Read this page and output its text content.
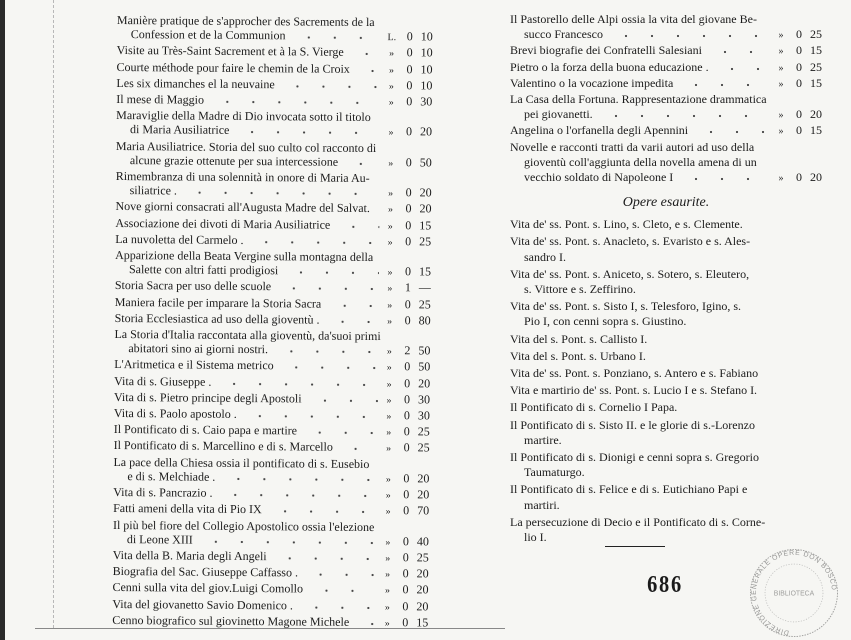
Manière pratique de s'approcher des Sacrements de la
Confession et de la Communion	L. 0 10
Visite au Très-Saint Sacrement et à la S. Vierge	»	0 10
Courte méthode pour faire le chemin de la Croix	»	0 10
Les six dimanches el la neuvaine	»	0 10
Il mese di Maggio	»	0 30
Maraviglie della Madre di Dio invocata sotto il titolo
di Maria Ausiliatrice	»	0 20
Maria Ausiliatrice. Storia del suo culto col racconto di
alcune grazie ottenute per sua intercessione	»	0 50
Rimembranza di una solennità in onore di Maria Au-
siliatrice .	»	0 20
Nove giorni consacrati all'Augusta Madre del Salvat.	»	0 20
Associazione dei divoti di Maria Ausiliatrice	»	0 15
La nuvoletta del Carmelo .	»	0 25
Apparizione della Beata Vergine sulla montagna della
Salette con altri fatti prodigiosi	»	0 15
Storia Sacra per uso delle scuole	»	1 —
Maniera facile per imparare la Storia Sacra	»	0 25
Storia Ecclesiastica ad uso della gioventù .	»	0 80
La Storia d'Italia raccontata alla gioventù, da'suoi primi
abitatori sino ai giorni nostri.	»	2 50
L'Aritmetica e il Sistema metrico	»	0 50
Vita di s. Giuseppe .	»	0 20
Vita di s. Pietro principe degli Apostoli	»	0 30
Vita di s. Paolo apostolo .	»	0 30
Il Pontificato di s. Caio papa e martire	»	0 25
Il Pontificato di s. Marcellino e di s. Marcello	»	0 25
La pace della Chiesa ossia il pontificato di s. Eusebio
e di s. Melchiade .	»	0 20
Vita di s. Pancrazio .	»	0 20
Fatti ameni della vita di Pio IX	»	0 70
Il più bel fiore del Collegio Apostolico ossia l'elezione
di Leone XIII	»	0 40
Vita della B. Maria degli Angeli	»	0 25
Biografia del Sac. Giuseppe Caffasso .	»	0 20
Cenni sulla vita del giov.Luigi Comollo	»	0 20
Vita del giovanetto Savio Domenico .	»	0 20
Cenno biografico sul giovinetto Magone Michele	»	0 15
Il Pastorello delle Alpi ossia la vita del giovane Be-
succo Francesco	»	0 25
Brevi biografie dei Confratelli Salesiani	»	0 15
Pietro o la forza della buona educazione .	»	0 25
Valentino o la vocazione impedita	»	0 15
La Casa della Fortuna. Rappresentazione drammatica
pei giovanetti.	»	0 20
Angelina o l'orfanella degli Apennini	»	0 15
Novelle e racconti tratti da varii autori ad uso della
gioventù coll'aggiunta della novella amena di un
vecchio soldato di Napoleone I	»	0 20
Opere esaurite.
Vita de' ss. Pont. s. Lino, s. Cleto, e s. Clemente.
Vita de' ss. Pont. s. Anacleto, s. Evaristo e s. Ales-
sandro I.
Vita de' ss. Pont. s. Aniceto, s. Sotero, s. Eleutero,
s. Vittore e s. Zeffirino.
Vita de' ss. Pont. s. Sisto I, s. Telesforo, Igino, s.
Pio I, con cenni sopra s. Giustino.
Vita del s. Pont. s. Callisto I.
Vita del s. Pont. s. Urbano I.
Vita de' ss. Pont. s. Ponziano, s. Antero e s. Fabiano
Vita e martirio de' ss. Pont. s. Lucio I e s. Stefano I.
Il Pontificato di s. Cornelio I Papa.
Il Pontificato di s. Sisto II. e le glorie di s.-Lorenzo
martire.
Il Pontificato di s. Dionigi e cenni sopra s. Gregorio
Taumaturgo.
Il Pontificato di s. Felice e di s. Eutichiano Papi e
martiri.
La persecuzione di Decio e il Pontificato di s. Corne-
lio I.
686
DIREZIONE GENERALE OPERE DON BOSCO
BIBLIOTECA
